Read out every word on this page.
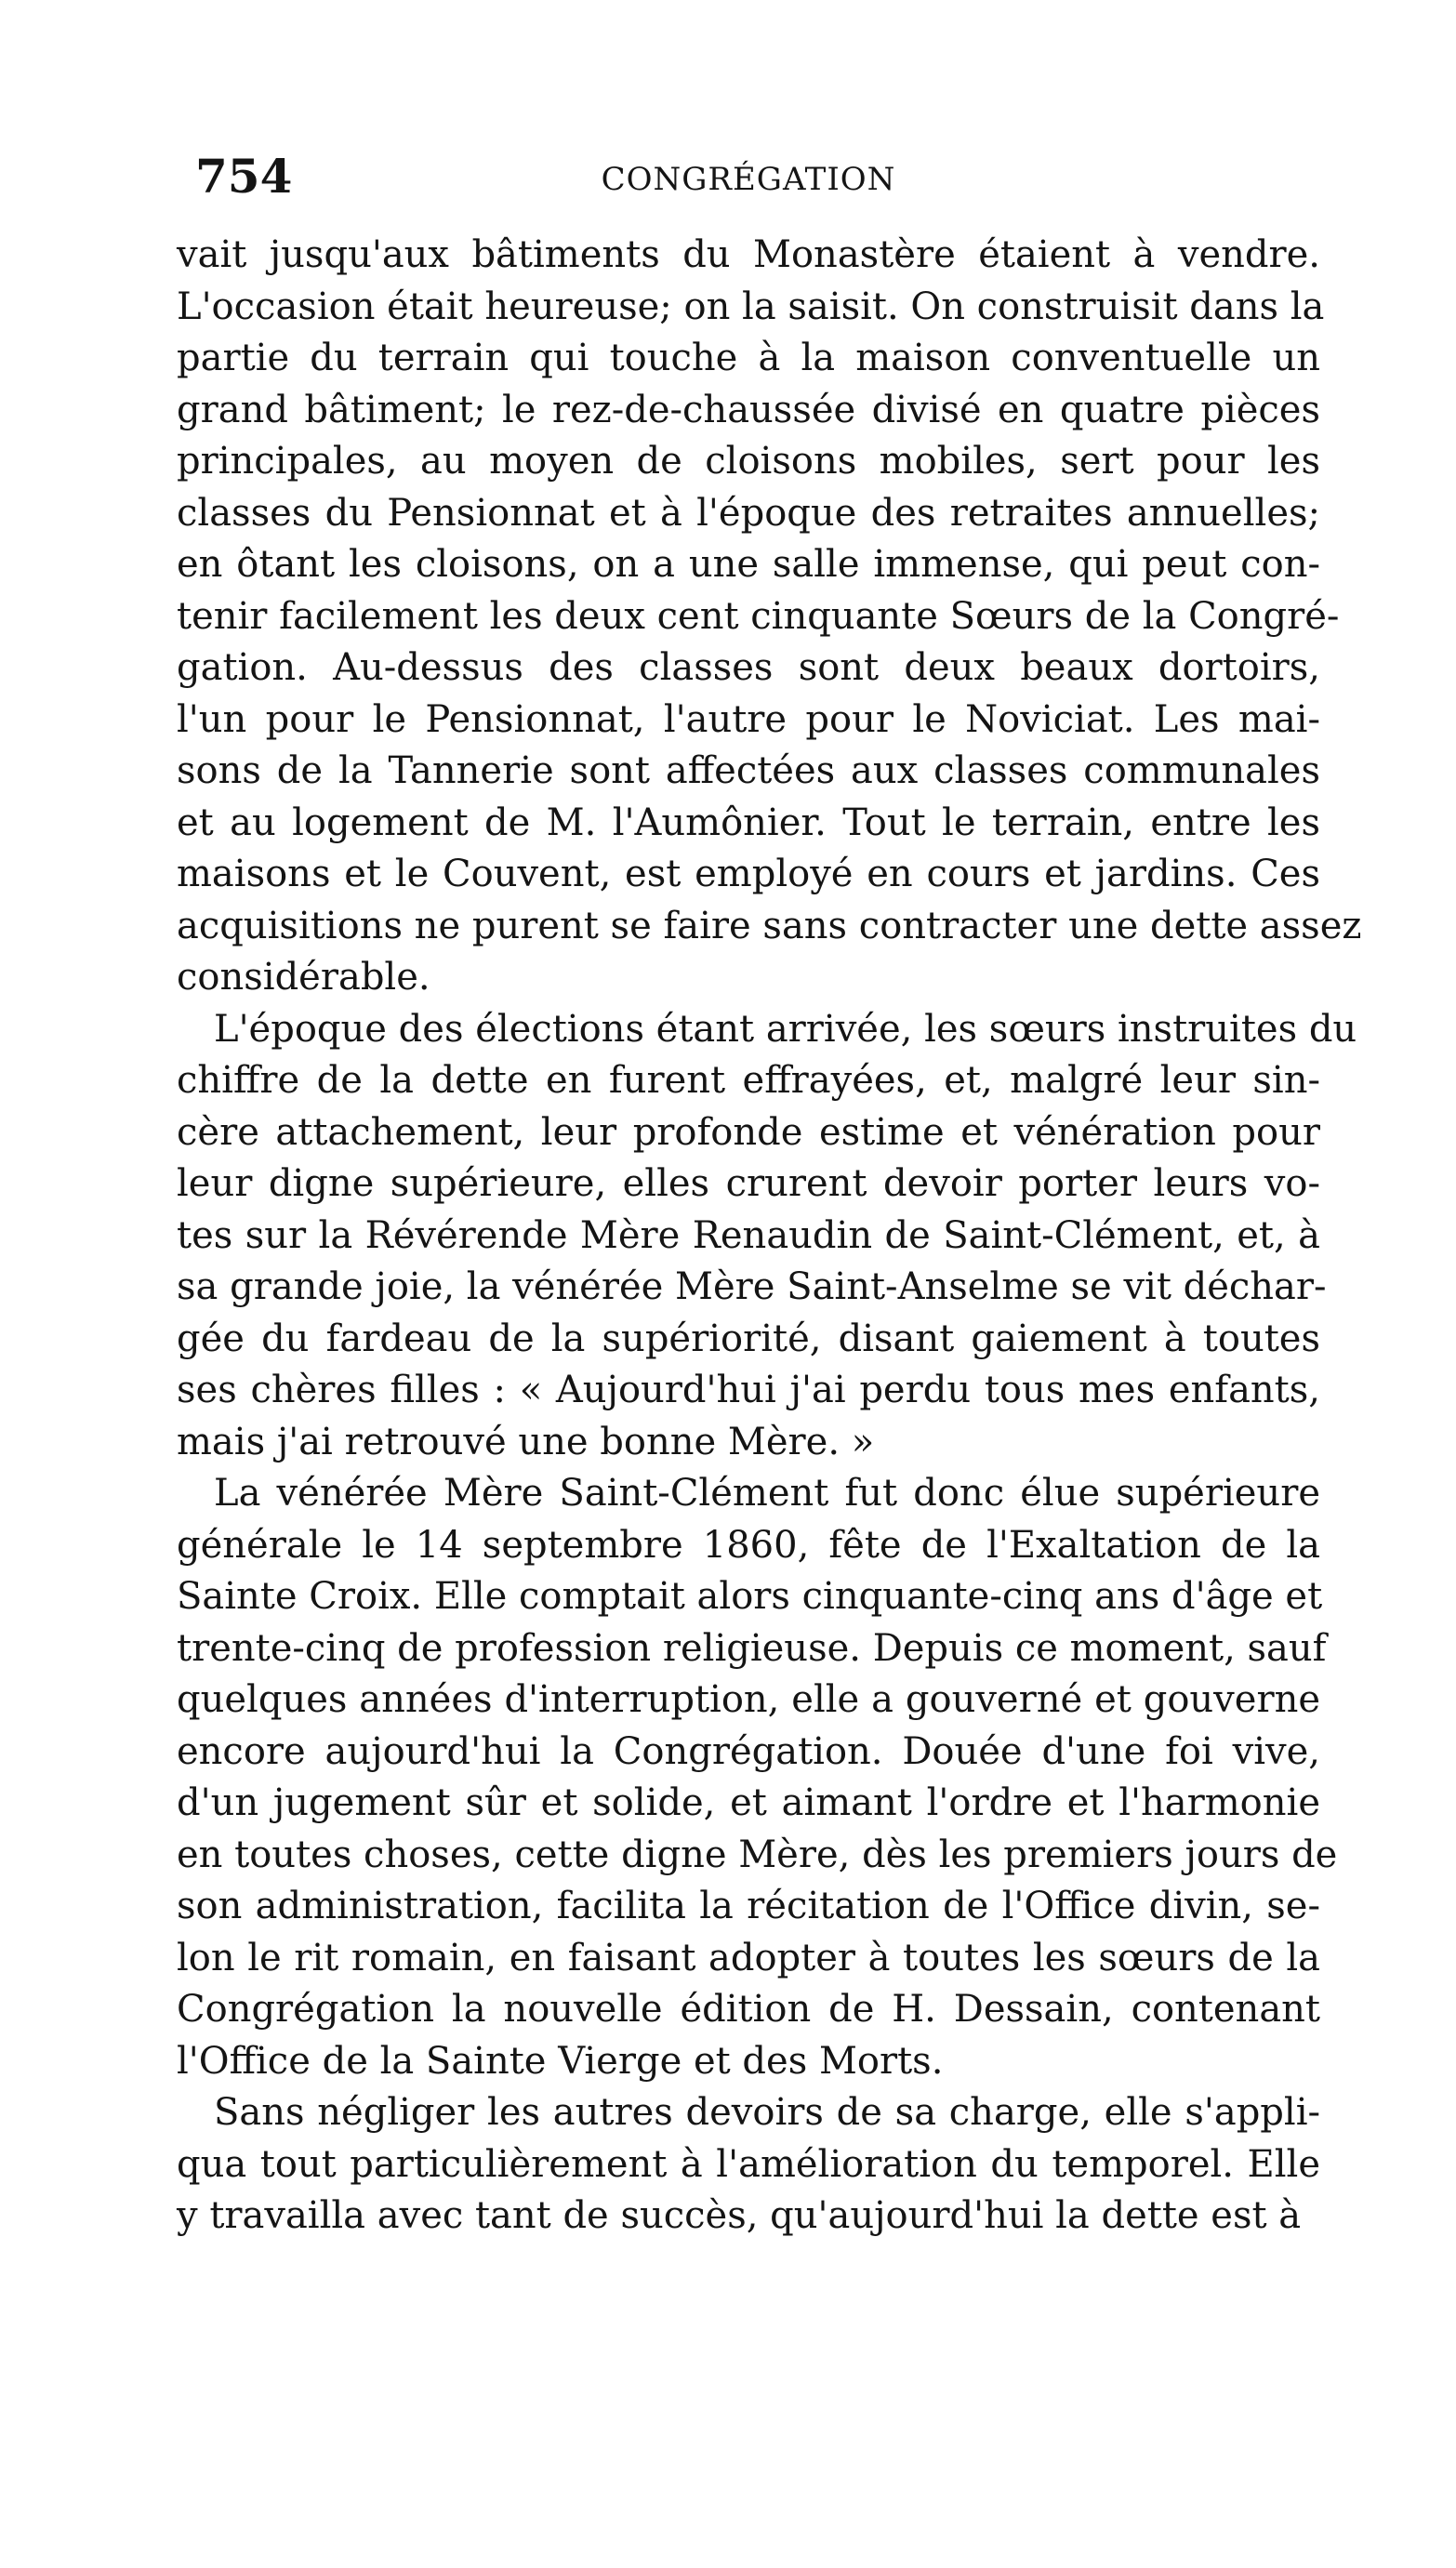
754	CONGRÉGATION
vait jusqu'aux bâtiments du Monastère étaient à vendre.
L'occasion était heureuse; on la saisit. On construisit dans la
partie du terrain qui touche à la maison conventuelle un
grand bâtiment; le rez-de-chaussée divisé en quatre pièces
principales, au moyen de cloisons mobiles, sert pour les
classes du Pensionnat et à l'époque des retraites annuelles;
en ôtant les cloisons, on a une salle immense, qui peut con-
tenir facilement les deux cent cinquante Sœurs de la Congré-
gation. Au-dessus des classes sont deux beaux dortoirs,
l'un pour le Pensionnat, l'autre pour le Noviciat. Les mai-
sons de la Tannerie sont affectées aux classes communales
et au logement de M. l'Aumônier. Tout le terrain, entre les
maisons et le Couvent, est employé en cours et jardins. Ces
acquisitions ne purent se faire sans contracter une dette assez
considérable.
L'époque des élections étant arrivée, les sœurs instruites du
chiffre de la dette en furent effrayées, et, malgré leur sin-
cère attachement, leur profonde estime et vénération pour
leur digne supérieure, elles crurent devoir porter leurs vo-
tes sur la Révérende Mère Renaudin de Saint-Clément, et, à
sa grande joie, la vénérée Mère Saint-Anselme se vit déchar-
gée du fardeau de la supériorité, disant gaiement à toutes
ses chères filles : « Aujourd'hui j'ai perdu tous mes enfants,
mais j'ai retrouvé une bonne Mère. »
La vénérée Mère Saint-Clément fut donc élue supérieure
générale le 14 septembre 1860, fête de l'Exaltation de la
Sainte Croix. Elle comptait alors cinquante-cinq ans d'âge et
trente-cinq de profession religieuse. Depuis ce moment, sauf
quelques années d'interruption, elle a gouverné et gouverne
encore aujourd'hui la Congrégation. Douée d'une foi vive,
d'un jugement sûr et solide, et aimant l'ordre et l'harmonie
en toutes choses, cette digne Mère, dès les premiers jours de
son administration, facilita la récitation de l'Office divin, se-
lon le rit romain, en faisant adopter à toutes les sœurs de la
Congrégation la nouvelle édition de H. Dessain, contenant
l'Office de la Sainte Vierge et des Morts.
Sans négliger les autres devoirs de sa charge, elle s'appli-
qua tout particulièrement à l'amélioration du temporel. Elle
y travailla avec tant de succès, qu'aujourd'hui la dette est à
